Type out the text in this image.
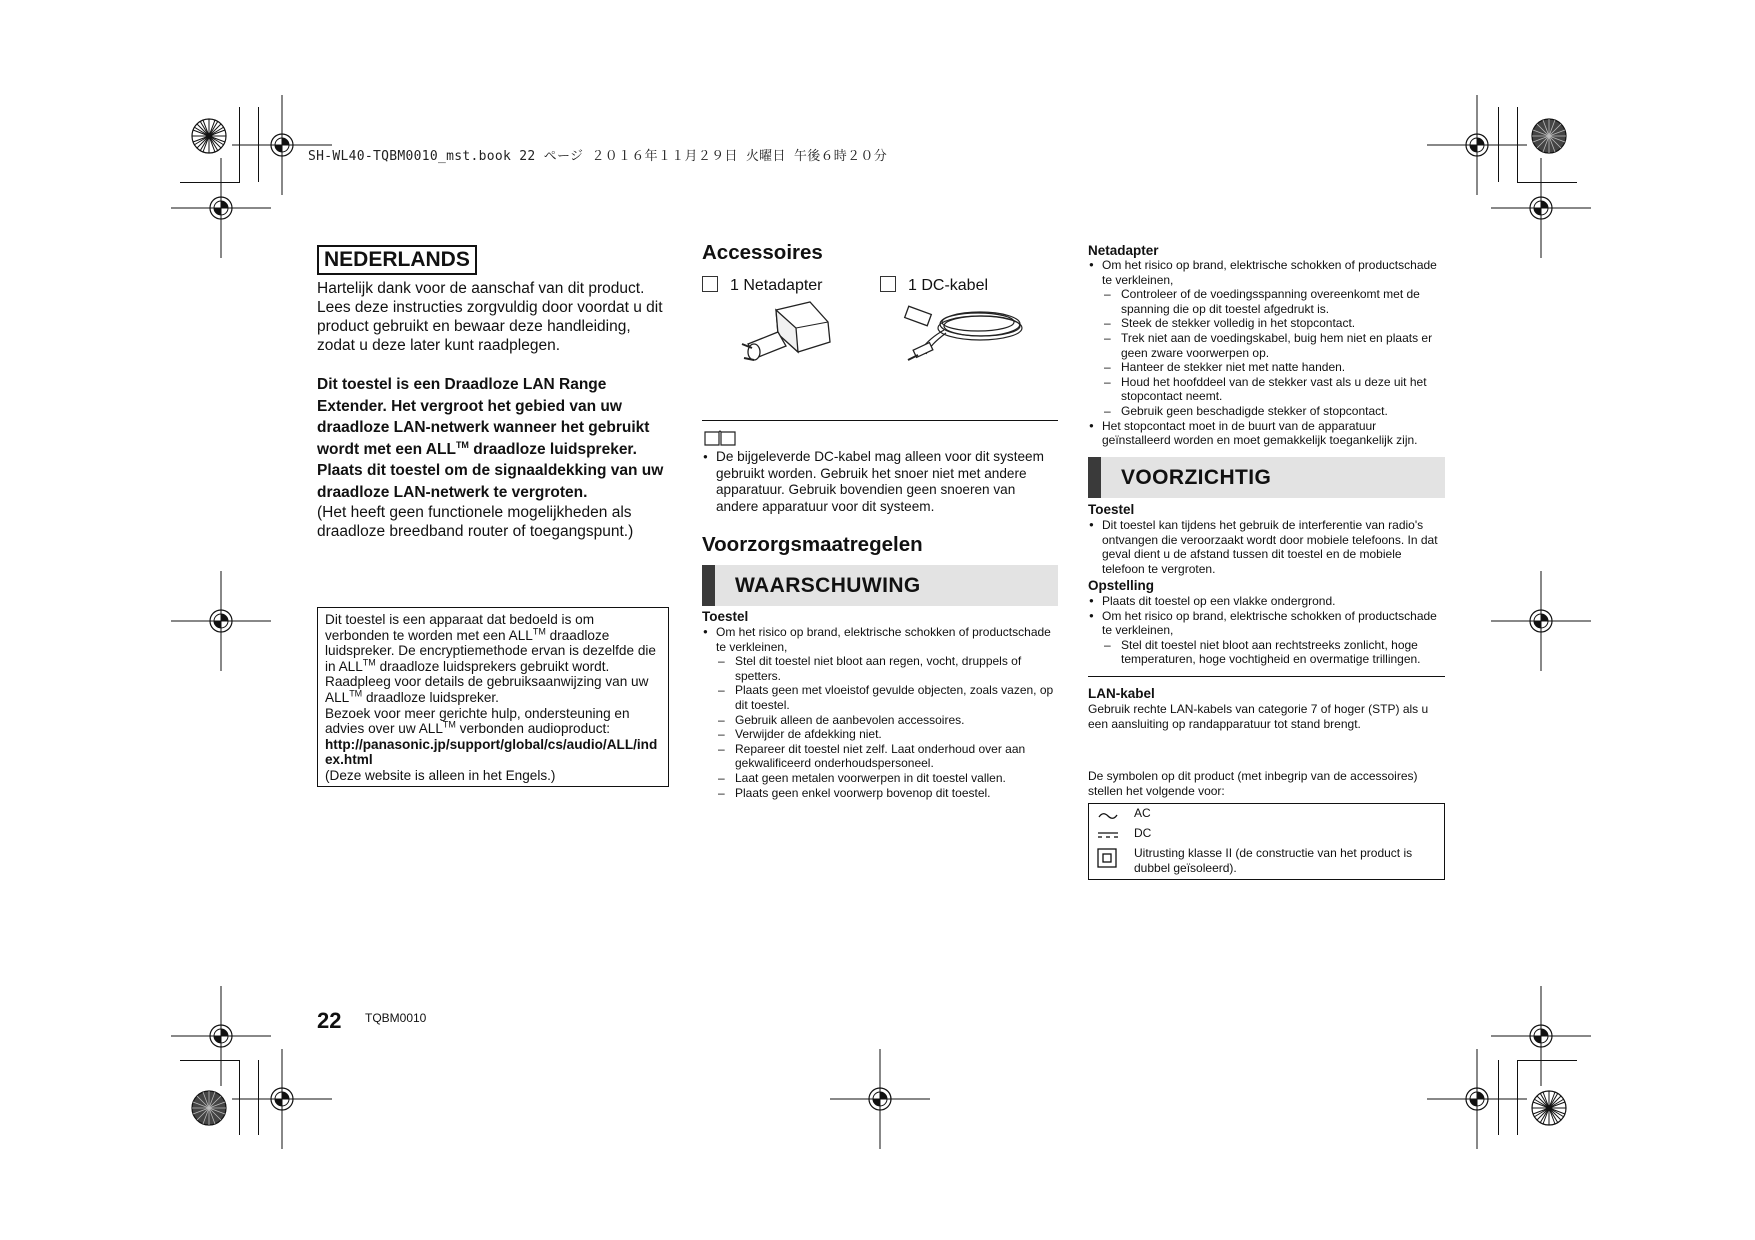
SH-WL40-TQBM0010_mst.book 22 ページ ２０１６年１１月２９日 火曜日 午後６時２０分
NEDERLANDS

Hartelijk dank voor de aanschaf van dit product.

Lees deze instructies zorgvuldig door voordat u dit product gebruikt en bewaar deze handleiding, zodat u deze later kunt raadplegen.

Dit toestel is een Draadloze LAN Range Extender. Het vergroot het gebied van uw draadloze LAN-netwerk wanneer het gebruikt wordt met een ALL™ draadloze luidspreker.

Plaats dit toestel om de signaaldekking van uw draadloze LAN-netwerk te vergroten.

(Het heeft geen functionele mogelijkheden als draadloze breedband router of toegangspunt.)

Dit toestel is een apparaat dat bedoeld is om verbonden te worden met een ALL™ draadloze luidspreker. De encryptiemethode ervan is dezelfde die in ALL™ draadloze luidsprekers gebruikt wordt. Raadpleeg voor details de gebruiksaanwijzing van uw ALL™ draadloze luidspreker.
Bezoek voor meer gerichte hulp, ondersteuning en advies over uw ALL™ verbonden audioproduct:
http://panasonic.jp/support/global/cs/audio/ALL/index.html
(Deze website is alleen in het Engels.)
Accessoires
1 Netadapter	1 DC-kabel
● De bijgeleverde DC-kabel mag alleen voor dit systeem gebruikt worden. Gebruik het snoer niet met andere apparatuur. Gebruik bovendien geen snoeren van andere apparatuur voor dit systeem.
Voorzorgsmaatregelen
WAARSCHUWING
Toestel
● Om het risico op brand, elektrische schokken of productschade te verkleinen,
– Stel dit toestel niet bloot aan regen, vocht, druppels of spetters.
– Plaats geen met vloeistof gevulde objecten, zoals vazen, op dit toestel.
– Gebruik alleen de aanbevolen accessoires.
– Verwijder de afdekking niet.
– Repareer dit toestel niet zelf. Laat onderhoud over aan gekwalificeerd onderhoudspersoneel.
– Laat geen metalen voorwerpen in dit toestel vallen.
– Plaats geen enkel voorwerp bovenop dit toestel.
Netadapter
● Om het risico op brand, elektrische schokken of productschade te verkleinen,
– Controleer of de voedingsspanning overeenkomt met de spanning die op dit toestel afgedrukt is.
– Steek de stekker volledig in het stopcontact.
– Trek niet aan de voedingskabel, buig hem niet en plaats er geen zware voorwerpen op.
– Hanteer de stekker niet met natte handen.
– Houd het hoofddeel van de stekker vast als u deze uit het stopcontact neemt.
– Gebruik geen beschadigde stekker of stopcontact.
● Het stopcontact moet in de buurt van de apparatuur geïnstalleerd worden en moet gemakkelijk toegankelijk zijn.
VOORZICHTIG
Toestel
● Dit toestel kan tijdens het gebruik de interferentie van radio's ontvangen die veroorzaakt wordt door mobiele telefoons. In dat geval dient u de afstand tussen dit toestel en de mobiele telefoon te vergroten.
Opstelling
● Plaats dit toestel op een vlakke ondergrond.
● Om het risico op brand, elektrische schokken of productschade te verkleinen,
– Stel dit toestel niet bloot aan rechtstreeks zonlicht, hoge temperaturen, hoge vochtigheid en overmatige trillingen.
LAN-kabel
Gebruik rechte LAN-kabels van categorie 7 of hoger (STP) als u een aansluiting op randapparatuur tot stand brengt.
De symbolen op dit product (met inbegrip van de accessoires) stellen het volgende voor:
AC
DC
Uitrusting klasse II (de constructie van het product is dubbel geïsoleerd).
22 TQBM0010
